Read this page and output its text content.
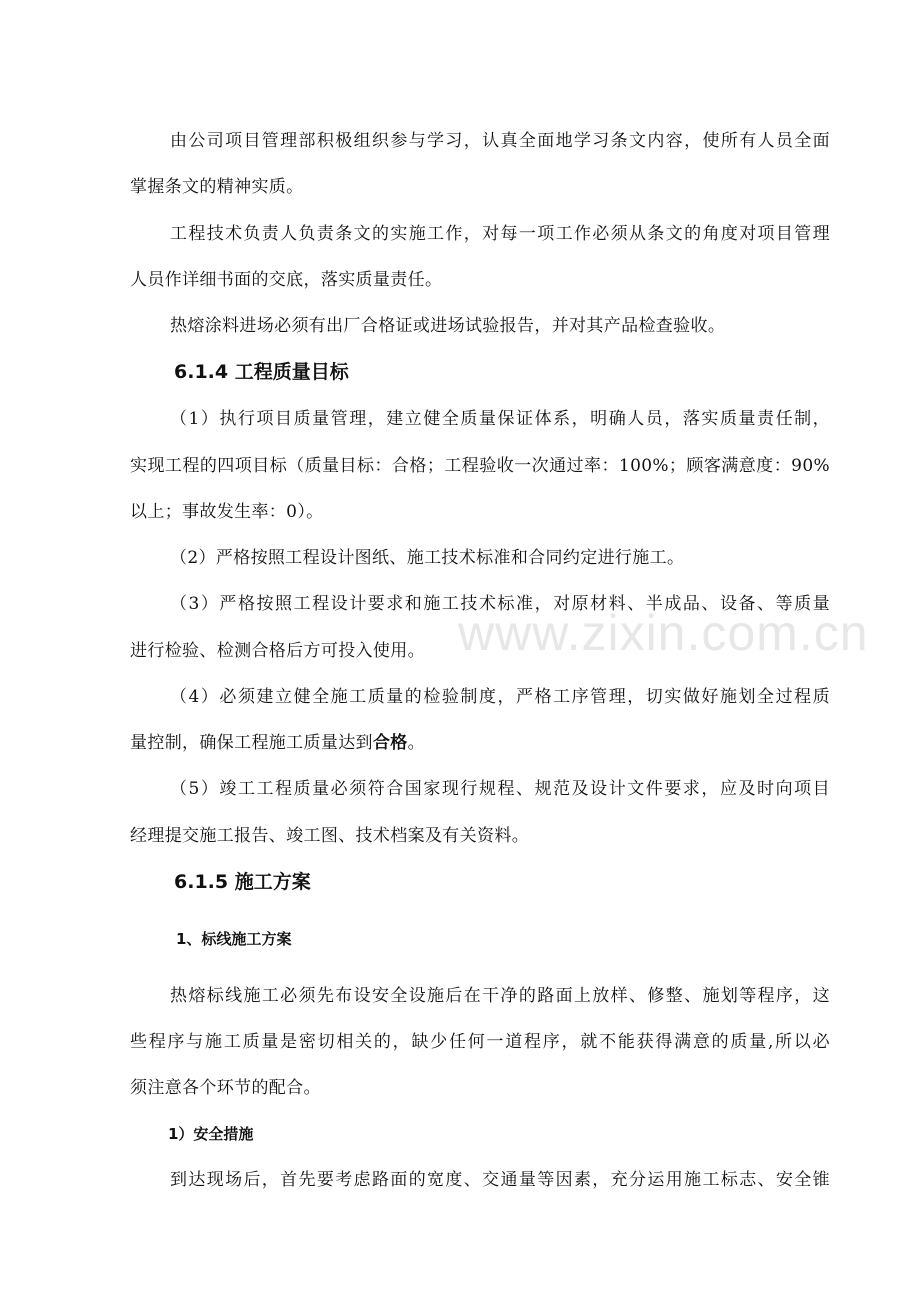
www.zixin.com.cn
由公司项目管理部积极组织参与学习，认真全面地学习条文内容，使所有人员全面
掌握条文的精神实质。
工程技术负责人负责条文的实施工作，对每一项工作必须从条文的角度对项目管理
人员作详细书面的交底，落实质量责任。
热熔涂料进场必须有出厂合格证或进场试验报告，并对其产品检查验收。
6.1.4 工程质量目标
（1）执行项目质量管理，建立健全质量保证体系，明确人员，落实质量责任制，
实现工程的四项目标（质量目标：合格；工程验收一次通过率：100%；顾客满意度：90%
以上；事故发生率：0）。
（2）严格按照工程设计图纸、施工技术标准和合同约定进行施工。
（3）严格按照工程设计要求和施工技术标准，对原材料、半成品、设备、等质量
进行检验、检测合格后方可投入使用。
（4）必须建立健全施工质量的检验制度，严格工序管理，切实做好施划全过程质
量控制，确保工程施工质量达到合格。
（5）竣工工程质量必须符合国家现行规程、规范及设计文件要求，应及时向项目
经理提交施工报告、竣工图、技术档案及有关资料。
6.1.5 施工方案
1、标线施工方案
热熔标线施工必须先布设安全设施后在干净的路面上放样、修整、施划等程序，这
些程序与施工质量是密切相关的，缺少任何一道程序，就不能获得满意的质量,所以必
须注意各个环节的配合。
1）安全措施
到达现场后，首先要考虑路面的宽度、交通量等因素，充分运用施工标志、安全锥
